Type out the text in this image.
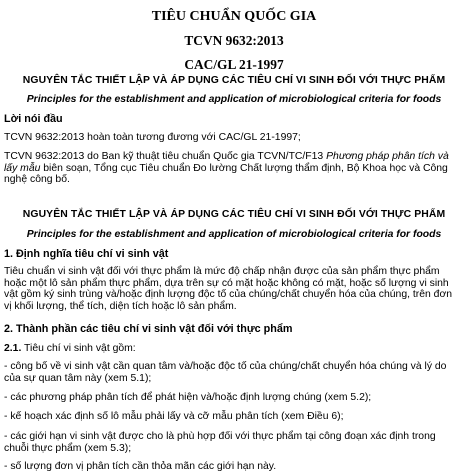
TIÊU CHUẨN QUỐC GIA
TCVN 9632:2013
CAC/GL 21-1997
NGUYÊN TẮC THIẾT LẬP VÀ ÁP DỤNG CÁC TIÊU CHÍ VI SINH ĐỐI VỚI THỰC PHẨM
Principles for the establishment and application of microbiological criteria for foods
Lời nói đầu
TCVN 9632:2013 hoàn toàn tương đương với CAC/GL 21-1997;
TCVN 9632:2013 do Ban kỹ thuật tiêu chuẩn Quốc gia TCVN/TC/F13 Phương pháp phân tích và lấy mẫu biên soạn, Tổng cục Tiêu chuẩn Đo lường Chất lượng thẩm định, Bộ Khoa học và Công nghệ công bố.
NGUYÊN TẮC THIẾT LẬP VÀ ÁP DỤNG CÁC TIÊU CHÍ VI SINH ĐỐI VỚI THỰC PHẨM
Principles for the establishment and application of microbiological criteria for foods
1. Định nghĩa tiêu chí vi sinh vật
Tiêu chuẩn vi sinh vật đối với thực phẩm là mức độ chấp nhận được của sản phẩm thực phẩm hoặc một lô sản phẩm thực phẩm, dựa trên sự có mặt hoặc không có mặt, hoặc số lượng vi sinh vật gồm ký sinh trùng và/hoặc định lượng độc tố của chúng/chất chuyển hóa của chúng, trên đơn vị khối lượng, thể tích, diện tích hoặc lô sản phẩm.
2. Thành phần các tiêu chí vi sinh vật đối với thực phẩm
2.1. Tiêu chí vi sinh vật gồm:
- công bố về vi sinh vật cần quan tâm và/hoặc độc tố của chúng/chất chuyển hóa chúng và lý do của sự quan tâm này (xem 5.1);
- các phương pháp phân tích để phát hiện và/hoặc định lượng chúng (xem 5.2);
- kế hoạch xác định số lô mẫu phải lấy và cỡ mẫu phân tích (xem Điều 6);
- các giới hạn vi sinh vật được cho là phù hợp đối với thực phẩm tại công đoạn xác định trong chuỗi thực phẩm (xem 5.3);
- số lượng đơn vị phân tích cần thỏa mãn các giới hạn này.
